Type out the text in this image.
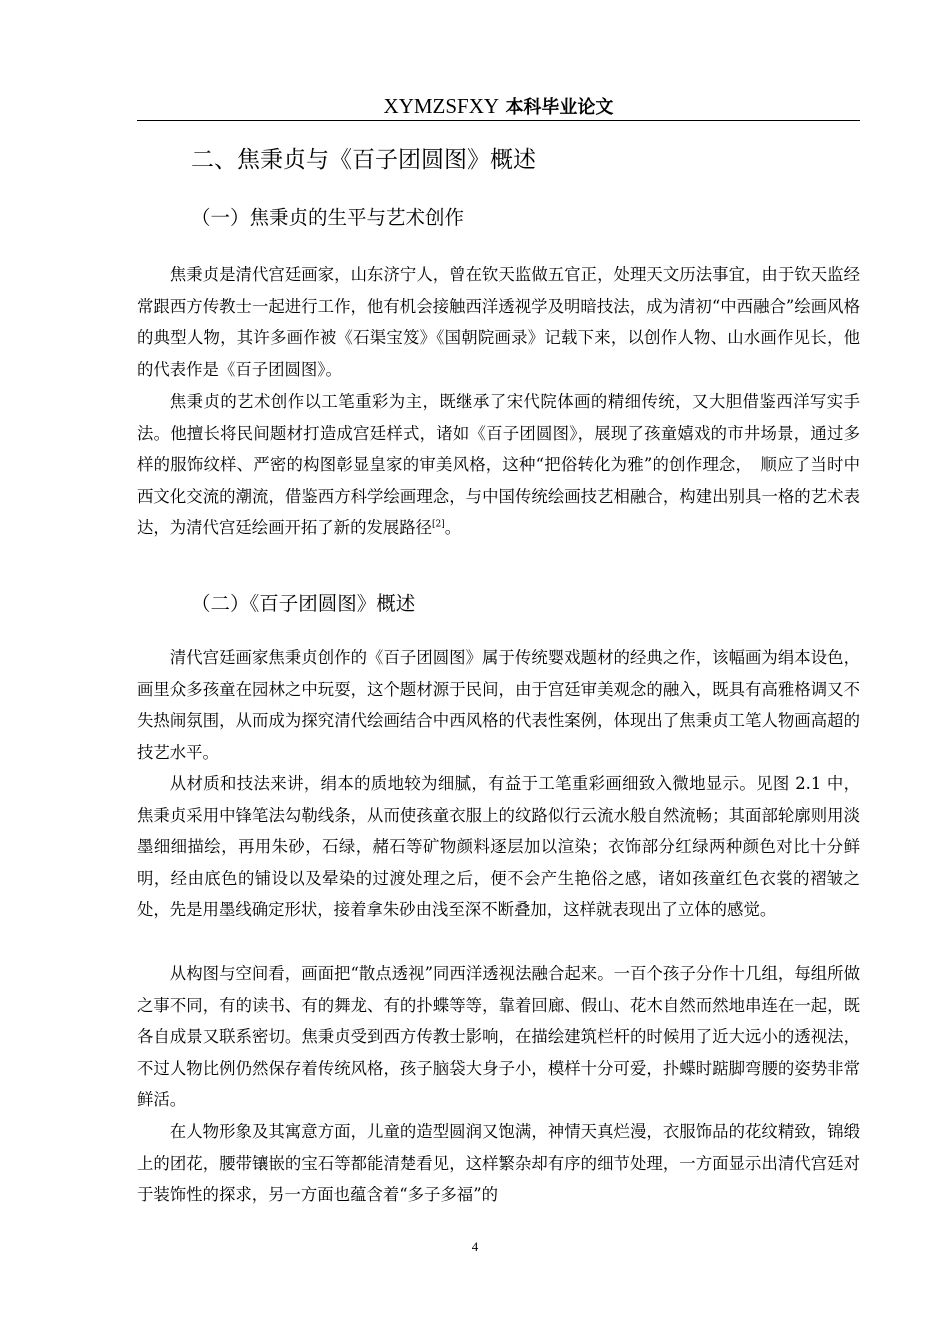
XYMZSFXY 本科毕业论文
二、焦秉贞与《百子团圆图》概述
（一）焦秉贞的生平与艺术创作

焦秉贞是清代宫廷画家，山东济宁人，曾在钦天监做五官正，处理天文历法事宜，由于钦天监经常跟西方传教士一起进行工作，他有机会接触西洋透视学及明暗技法，成为清初“中西融合”绘画风格的典型人物，其许多画作被《石渠宝笈》《国朝院画录》记载下来，以创作人物、山水画作见长，他的代表作是《百子团圆图》。

焦秉贞的艺术创作以工笔重彩为主，既继承了宋代院体画的精细传统，又大胆借鉴西洋写实手法。他擅长将民间题材打造成宫廷样式，诸如《百子团圆图》，展现了孩童嬉戏的市井场景，通过多样的服饰纹样、严密的构图彰显皇家的审美风格，这种“把俗转化为雅”的创作理念，　顺应了当时中西文化交流的潮流，借鉴西方科学绘画理念，与中国传统绘画技艺相融合，构建出别具一格的艺术表达，为清代宫廷绘画开拓了新的发展路径[2]。

（二）《百子团圆图》概述

清代宫廷画家焦秉贞创作的《百子团圆图》属于传统婴戏题材的经典之作，该幅画为绢本设色，画里众多孩童在园林之中玩耍，这个题材源于民间，由于宫廷审美观念的融入，既具有高雅格调又不失热闹氛围，从而成为探究清代绘画结合中西风格的代表性案例，体现出了焦秉贞工笔人物画高超的技艺水平。

从材质和技法来讲，绢本的质地较为细腻，有益于工笔重彩画细致入微地显示。见图 2.1 中，焦秉贞采用中锋笔法勾勒线条，从而使孩童衣服上的纹路似行云流水般自然流畅；其面部轮廓则用淡墨细细描绘，再用朱砂，石绿，赭石等矿物颜料逐层加以渲染；衣饰部分红绿两种颜色对比十分鲜明，经由底色的铺设以及晕染的过渡处理之后，便不会产生艳俗之感，诸如孩童红色衣裳的褶皱之处，先是用墨线确定形状，接着拿朱砂由浅至深不断叠加，这样就表现出了立体的感觉。

从构图与空间看，画面把“散点透视”同西洋透视法融合起来。一百个孩子分作十几组，每组所做之事不同，有的读书、有的舞龙、有的扑蝶等等，靠着回廊、假山、花木自然而然地串连在一起，既各自成景又联系密切。焦秉贞受到西方传教士影响，在描绘建筑栏杆的时候用了近大远小的透视法，不过人物比例仍然保存着传统风格，孩子脑袋大身子小，模样十分可爱，扑蝶时踮脚弯腰的姿势非常鲜活。

在人物形象及其寓意方面，儿童的造型圆润又饱满，神情天真烂漫，衣服饰品的花纹精致，锦缎上的团花，腰带镶嵌的宝石等都能清楚看见，这样繁杂却有序的细节处理，一方面显示出清代宫廷对于装饰性的探求，另一方面也蕴含着“多子多福”的

4
